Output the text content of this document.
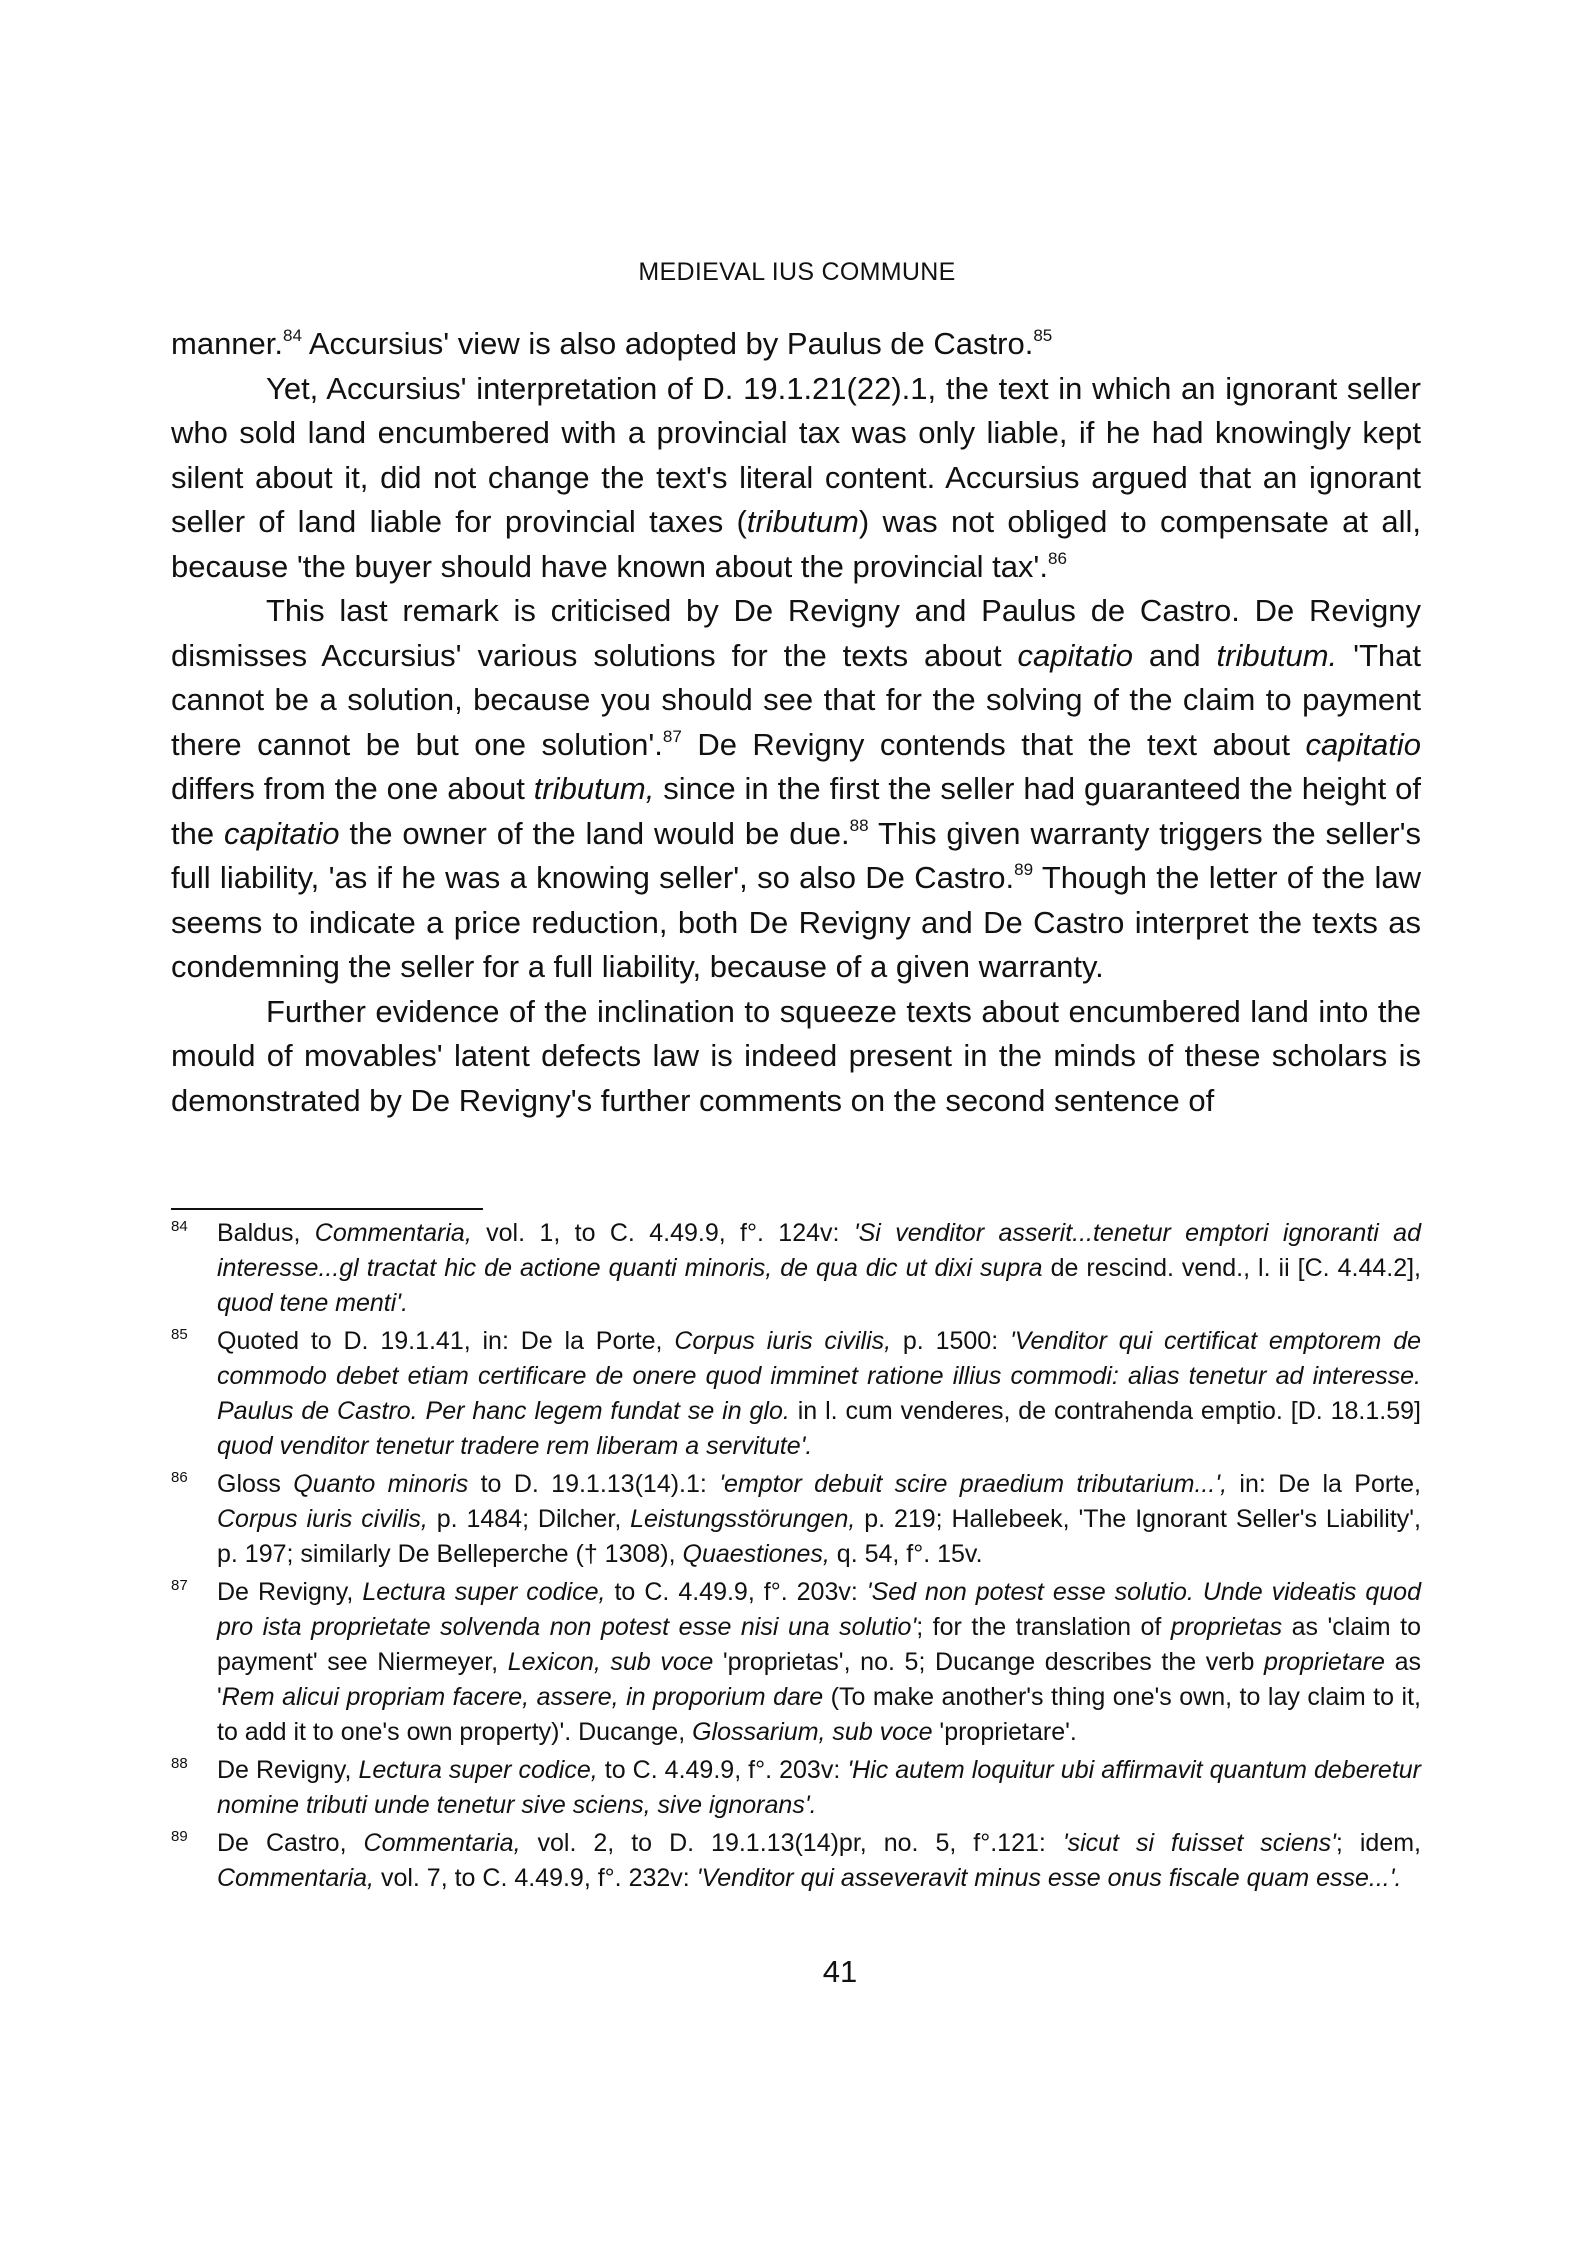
MEDIEVAL IUS COMMUNE

manner.$^{84}$ Accursius' view is also adopted by Paulus de Castro.$^{85}$

Yet, Accursius' interpretation of D. 19.1.21(22).1, the text in which an ignorant seller who sold land encumbered with a provincial tax was only liable, if he had knowingly kept silent about it, did not change the text's literal content. Accursius argued that an ignorant seller of land liable for provincial taxes (tributum) was not obliged to compensate at all, because 'the buyer should have known about the provincial tax'.$^{86}$

This last remark is criticised by De Revigny and Paulus de Castro. De Revigny dismisses Accursius' various solutions for the texts about capitatio and tributum. 'That cannot be a solution, because you should see that for the solving of the claim to payment there cannot be but one solution'.$^{87}$ De Revigny contends that the text about capitatio differs from the one about tributum, since in the first the seller had guaranteed the height of the capitatio the owner of the land would be due.$^{88}$ This given warranty triggers the seller's full liability, 'as if he was a knowing seller', so also De Castro.$^{89}$ Though the letter of the law seems to indicate a price reduction, both De Revigny and De Castro interpret the texts as condemning the seller for a full liability, because of a given warranty.

Further evidence of the inclination to squeeze texts about encumbered land into the mould of movables' latent defects law is indeed present in the minds of these scholars is demonstrated by De Revigny's further comments on the second sentence of

84 Baldus, Commentaria, vol. 1, to C. 4.49.9, f°. 124v: 'Si venditor asserit...tenetur emptori ignoranti ad interesse...gl tractat hic de actione quanti minoris, de qua dic ut dixi supra de rescind. vend., l. ii [C. 4.44.2], quod tene menti'.
85 Quoted to D. 19.1.41, in: De la Porte, Corpus iuris civilis, p. 1500: 'Venditor qui certificat emptorem de commodo debet etiam certificare de onere quod imminet ratione illius commodi: alias tenetur ad interesse. Paulus de Castro. Per hanc legem fundat se in glo. in l. cum venderes, de contrahenda emptio. [D. 18.1.59] quod venditor tenetur tradere rem liberam a servitute'.
86 Gloss Quanto minoris to D. 19.1.13(14).1: 'emptor debuit scire praedium tributarium...', in: De la Porte, Corpus iuris civilis, p. 1484; Dilcher, Leistungsstörungen, p. 219; Hallebeek, 'The Ignorant Seller's Liability', p. 197; similarly De Belleperche († 1308), Quaestiones, q. 54, f°. 15v.
87 De Revigny, Lectura super codice, to C. 4.49.9, f°. 203v: 'Sed non potest esse solutio. Unde videatis quod pro ista proprietate solvenda non potest esse nisi una solutio'; for the translation of proprietas as 'claim to payment' see Niermeyer, Lexicon, sub voce 'proprietas', no. 5; Ducange describes the verb proprietare as 'Rem alicui propriam facere, assere, in proporium dare (To make another's thing one's own, to lay claim to it, to add it to one's own property)'. Ducange, Glossarium, sub voce 'proprietare'.
88 De Revigny, Lectura super codice, to C. 4.49.9, f°. 203v: 'Hic autem loquitur ubi affirmavit quantum deberetur nomine tributi unde tenetur sive sciens, sive ignorans'.
89 De Castro, Commentaria, vol. 2, to D. 19.1.13(14)pr, no. 5, f°.121: 'sicut si fuisset sciens'; idem, Commentaria, vol. 7, to C. 4.49.9, f°. 232v: 'Venditor qui asseveravit minus esse onus fiscale quam esse...'.
41
